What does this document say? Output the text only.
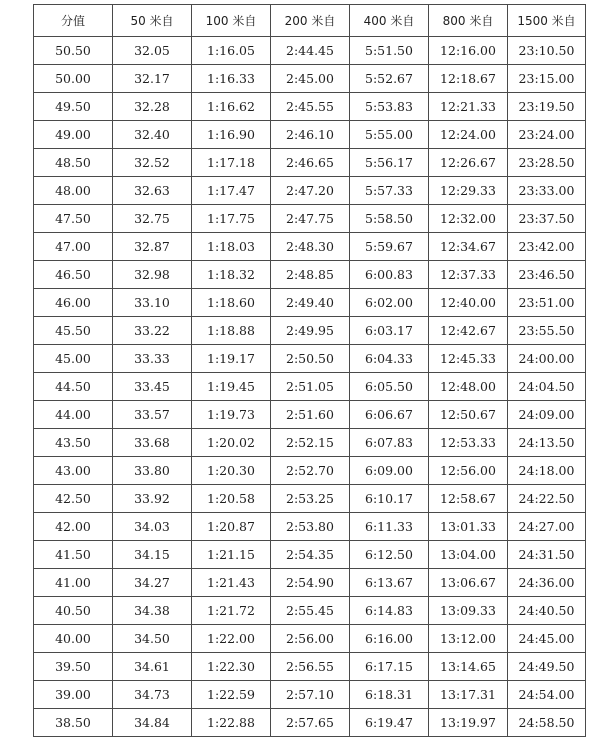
分值	50 米自	100 米自	200 米自	400 米自	800 米自	1500 米自
50.50	32.05	1:16.05	2:44.45	5:51.50	12:16.00	23:10.50
50.00	32.17	1:16.33	2:45.00	5:52.67	12:18.67	23:15.00
49.50	32.28	1:16.62	2:45.55	5:53.83	12:21.33	23:19.50
49.00	32.40	1:16.90	2:46.10	5:55.00	12:24.00	23:24.00
48.50	32.52	1:17.18	2:46.65	5:56.17	12:26.67	23:28.50
48.00	32.63	1:17.47	2:47.20	5:57.33	12:29.33	23:33.00
47.50	32.75	1:17.75	2:47.75	5:58.50	12:32.00	23:37.50
47.00	32.87	1:18.03	2:48.30	5:59.67	12:34.67	23:42.00
46.50	32.98	1:18.32	2:48.85	6:00.83	12:37.33	23:46.50
46.00	33.10	1:18.60	2:49.40	6:02.00	12:40.00	23:51.00
45.50	33.22	1:18.88	2:49.95	6:03.17	12:42.67	23:55.50
45.00	33.33	1:19.17	2:50.50	6:04.33	12:45.33	24:00.00
44.50	33.45	1:19.45	2:51.05	6:05.50	12:48.00	24:04.50
44.00	33.57	1:19.73	2:51.60	6:06.67	12:50.67	24:09.00
43.50	33.68	1:20.02	2:52.15	6:07.83	12:53.33	24:13.50
43.00	33.80	1:20.30	2:52.70	6:09.00	12:56.00	24:18.00
42.50	33.92	1:20.58	2:53.25	6:10.17	12:58.67	24:22.50
42.00	34.03	1:20.87	2:53.80	6:11.33	13:01.33	24:27.00
41.50	34.15	1:21.15	2:54.35	6:12.50	13:04.00	24:31.50
41.00	34.27	1:21.43	2:54.90	6:13.67	13:06.67	24:36.00
40.50	34.38	1:21.72	2:55.45	6:14.83	13:09.33	24:40.50
40.00	34.50	1:22.00	2:56.00	6:16.00	13:12.00	24:45.00
39.50	34.61	1:22.30	2:56.55	6:17.15	13:14.65	24:49.50
39.00	34.73	1:22.59	2:57.10	6:18.31	13:17.31	24:54.00
38.50	34.84	1:22.88	2:57.65	6:19.47	13:19.97	24:58.50
